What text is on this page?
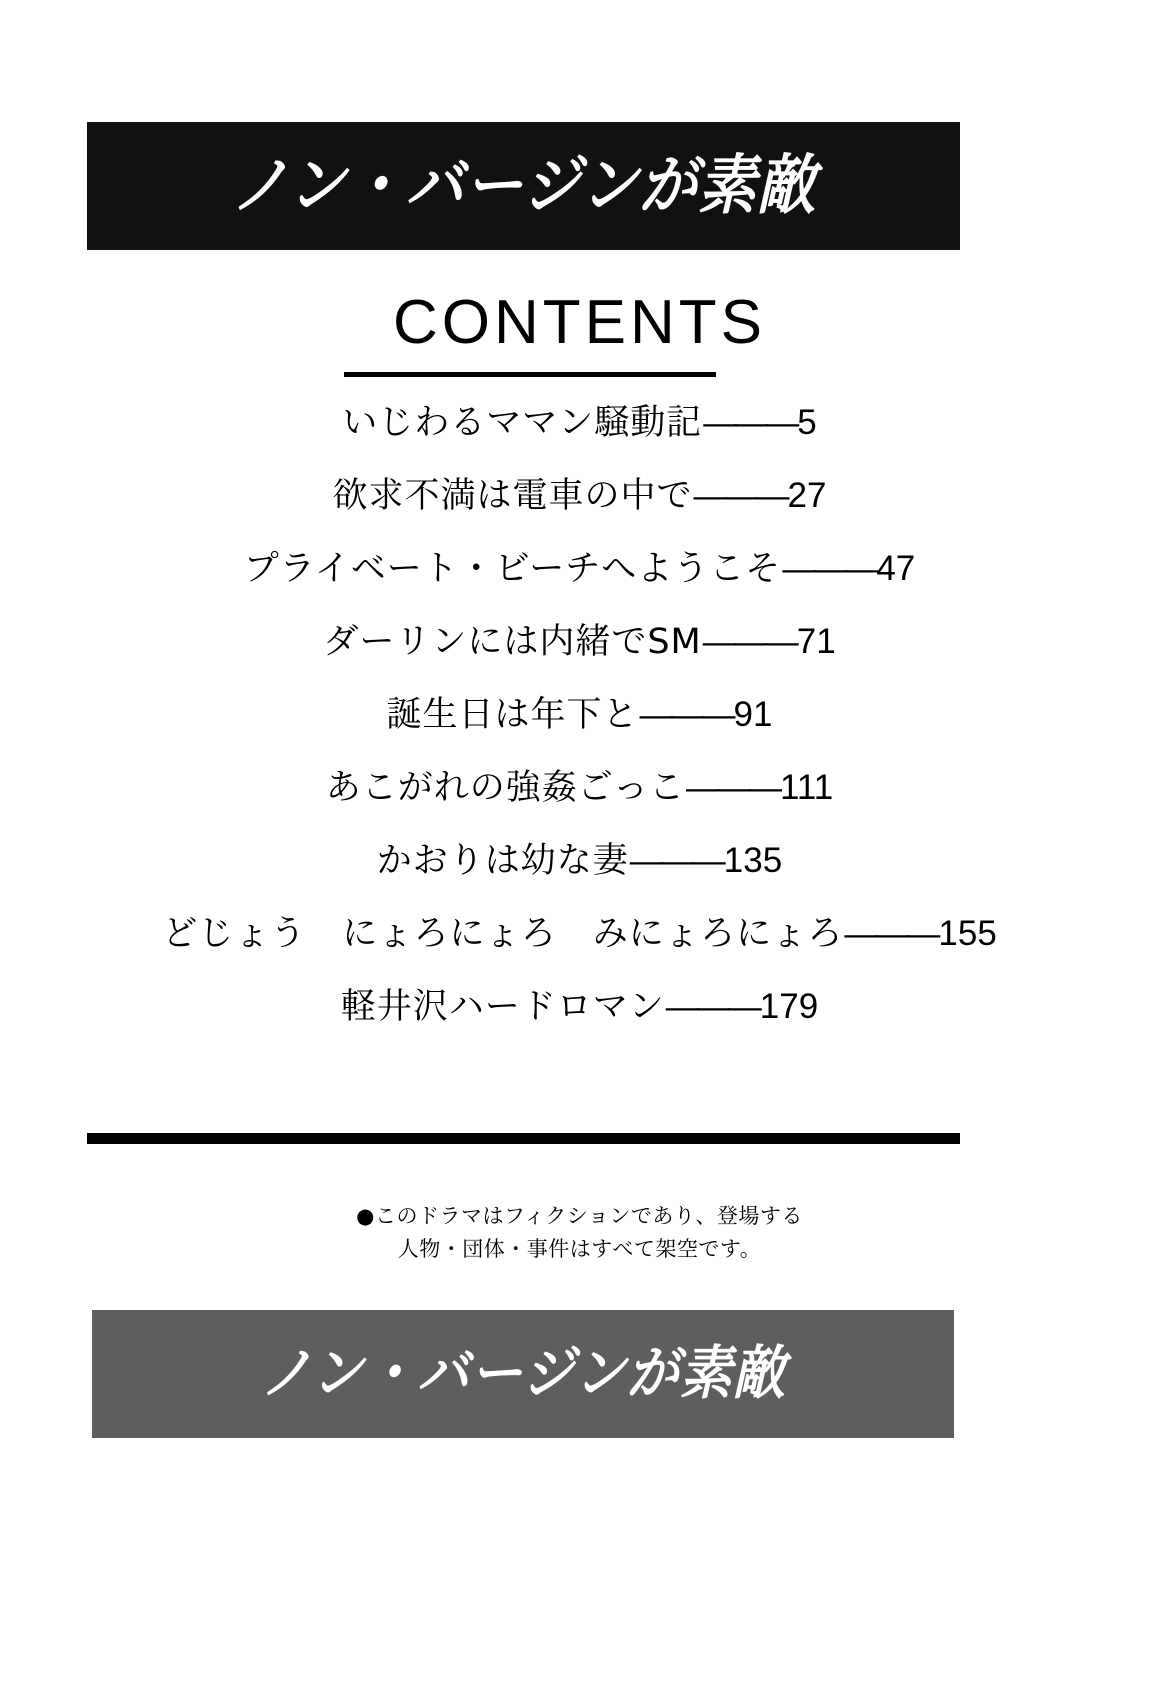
ノン・バージンが素敵
CONTENTS
いじわるママン騒動記———5
欲求不満は電車の中で———27
プライベート・ビーチへようこそ———47
ダーリンには内緒でSM———71
誕生日は年下と———91
あこがれの強姦ごっこ———111
かおりは幼な妻———135
どじょう　にょろにょろ　みにょろにょろ———155
軽井沢ハードロマン———179
●このドラマはフィクションであり、登場する
人物・団体・事件はすべて架空です。
ノン・バージンが素敵
